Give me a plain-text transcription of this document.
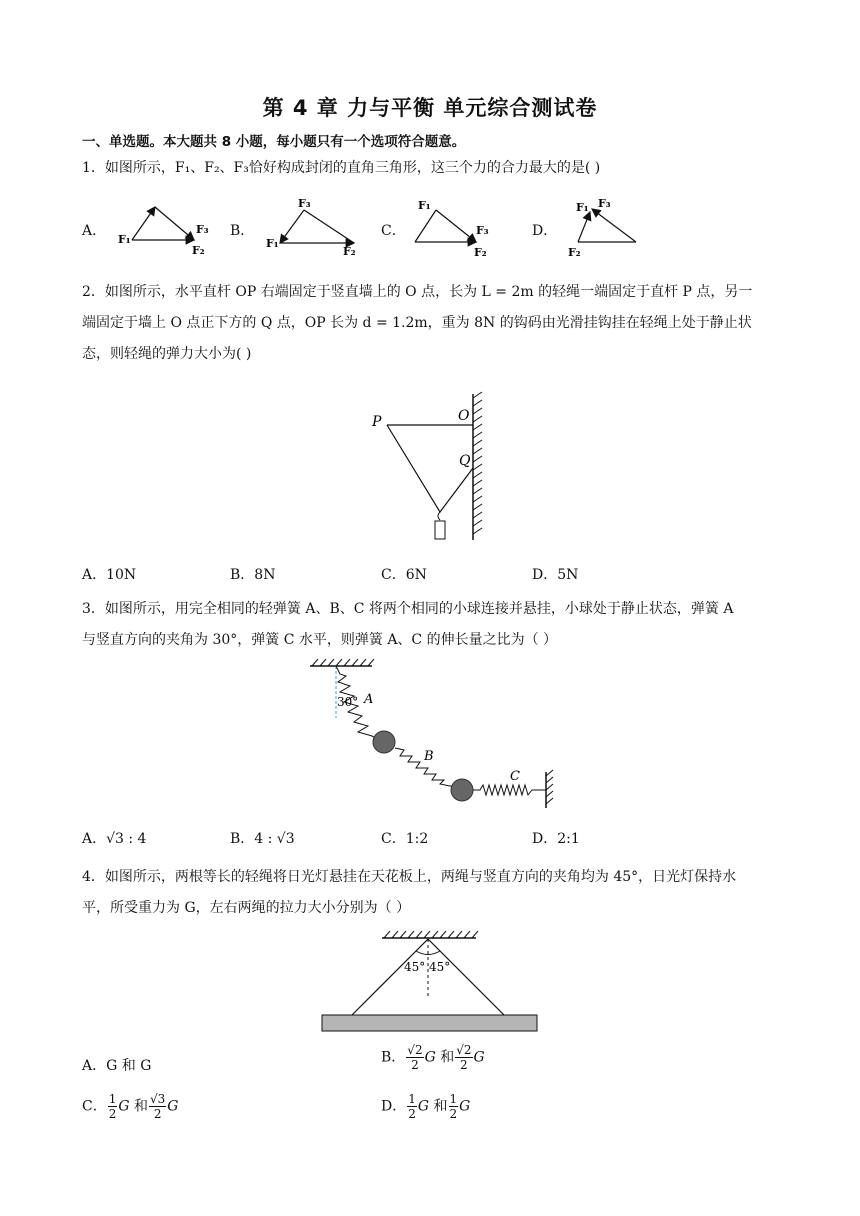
第 4 章 力与平衡 单元综合测试卷
一、单选题。本大题共 8 小题，每小题只有一个选项符合题意。
1．如图所示，F₁、F₂、F₃恰好构成封闭的直角三角形，这三个力的合力最大的是( )
A．	B．	C．	D．
F₁
F₃
F₂
F₃
F₁
F₂
F₁
F₃
F₂
F₁ F₃
F₂

2．如图所示，水平直杆 OP 右端固定于竖直墙上的 O 点，长为 L = 2m 的轻绳一端固定于直杆 P 点，另一

端固定于墙上 O 点正下方的 Q 点，OP 长为 d = 1.2m，重为 8N 的钩码由光滑挂钩挂在轻绳上处于静止状

态，则轻绳的弹力大小为( )

P	O
Q
A．10N	B．8N	C．6N	D．5N

3．如图所示，用完全相同的轻弹簧 A、B、C 将两个相同的小球连接并悬挂，小球处于静止状态，弹簧 A

与竖直方向的夹角为 30°，弹簧 C 水平，则弹簧 A、C 的伸长量之比为（ ）

30° A
B
C
A．√3 : 4	B．4 : √3	C．1:2	D．2:1

4．如图所示，两根等长的轻绳将日光灯悬挂在天花板上，两绳与竖直方向的夹角均为 45°，日光灯保持水

平，所受重力为 G，左右两绳的拉力大小分别为（ ）

45° 45°
A．G 和 G
B． $\frac{√2}{2}$ G 和 $\frac{√2}{2}$ G
C． $\frac{1}{2}$ G 和 $\frac{√3}{2}$ G	D． $\frac{1}{2}$ G 和 $\frac{1}{2}$ G
